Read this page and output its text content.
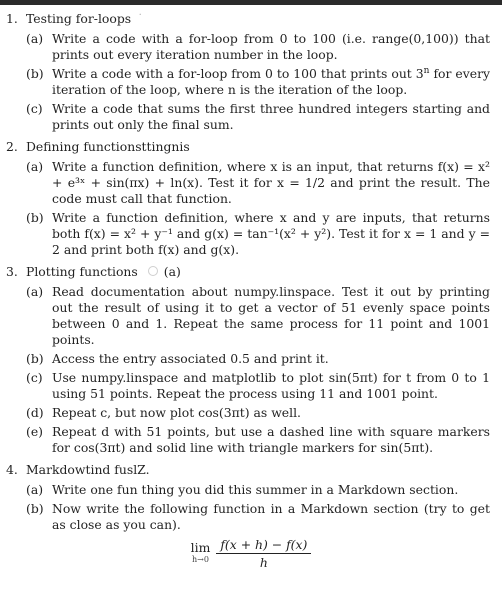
1. Testing for-loops ˙
(a) Write a code with a for-loop from 0 to 100 (i.e. range(0,100)) that prints out every iteration number in the loop.
(b) Write a code with a for-loop from 0 to 100 that prints out 3$^n$ for every iteration of the loop, where n is the iteration of the loop.
(c) Write a code that sums the first three hundred integers starting and prints out only the final sum.
2. Defining functionsttingnis
(a) Write a function definition, where x is an input, that returns f(x) = x² + e³ˣ + sin(πx) + ln(x). Test it for x = 1/2 and print the result. The code must call that function.
(b) Write a function definition, where x and y are inputs, that returns both f(x) = x² + y⁻¹ and g(x) = tan⁻¹(x² + y²). Test it for x = 1 and y = 2 and print both f(x) and g(x).
3. Plotting functions (a)
(a) Read documentation about numpy.linspace. Test it out by printing out the result of using it to get a vector of 51 evenly space points between 0 and 1. Repeat the same process for 11 point and 1001 points.
(b) Access the entry associated 0.5 and print it.
(c) Use numpy.linspace and matplotlib to plot sin(5πt) for t from 0 to 1 using 51 points. Repeat the process using 11 and 1001 point.
(d) Repeat c, but now plot cos(3πt) as well.
(e) Repeat d with 51 points, but use a dashed line with square markers for cos(3πt) and solid line with triangle markers for sin(5πt).
4. Markdowtind fuslZ.
(a) Write one fun thing you did this summer in a Markdown section.
(b) Now write the following function in a Markdown section (try to get as close as you can).
lim
$h\to 0 \frac{f(x + h) - f(x)}{h}$
